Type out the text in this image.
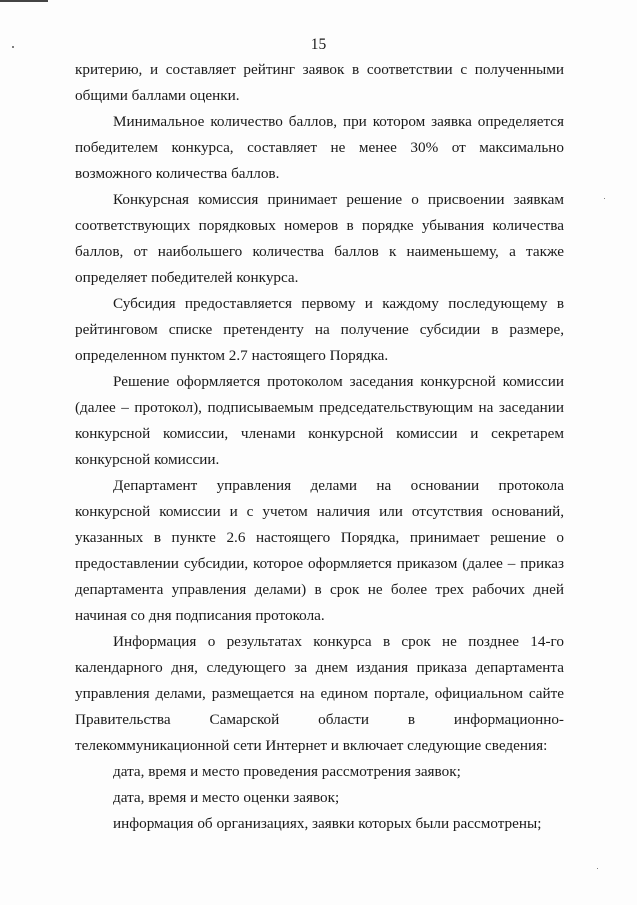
15

критерию, и составляет рейтинг заявок в соответствии с полученными общими баллами оценки.

Минимальное количество баллов, при котором заявка определяется победителем конкурса, составляет не менее 30% от максимально возможного количества баллов.

Конкурсная комиссия принимает решение о присвоении заявкам соответствующих порядковых номеров в порядке убывания количества баллов, от наибольшего количества баллов к наименьшему, а также определяет победителей конкурса.

Субсидия предоставляется первому и каждому последующему в рейтинговом списке претенденту на получение субсидии в размере, определенном пунктом 2.7 настоящего Порядка.

Решение оформляется протоколом заседания конкурсной комиссии (далее – протокол), подписываемым председательствующим на заседании конкурсной комиссии, членами конкурсной комиссии и секретарем конкурсной комиссии.

Департамент управления делами на основании протокола конкурсной комиссии и с учетом наличия или отсутствия оснований, указанных в пункте 2.6 настоящего Порядка, принимает решение о предоставлении субсидии, которое оформляется приказом (далее – приказ департамента управления делами) в срок не более трех рабочих дней начиная со дня подписания протокола.

Информация о результатах конкурса в срок не позднее 14-го календарного дня, следующего за днем издания приказа департамента управления делами, размещается на едином портале, официальном сайте Правительства Самарской области в информационно-телекоммуникационной сети Интернет и включает следующие сведения:

дата, время и место проведения рассмотрения заявок;

дата, время и место оценки заявок;

информация об организациях, заявки которых были рассмотрены;
